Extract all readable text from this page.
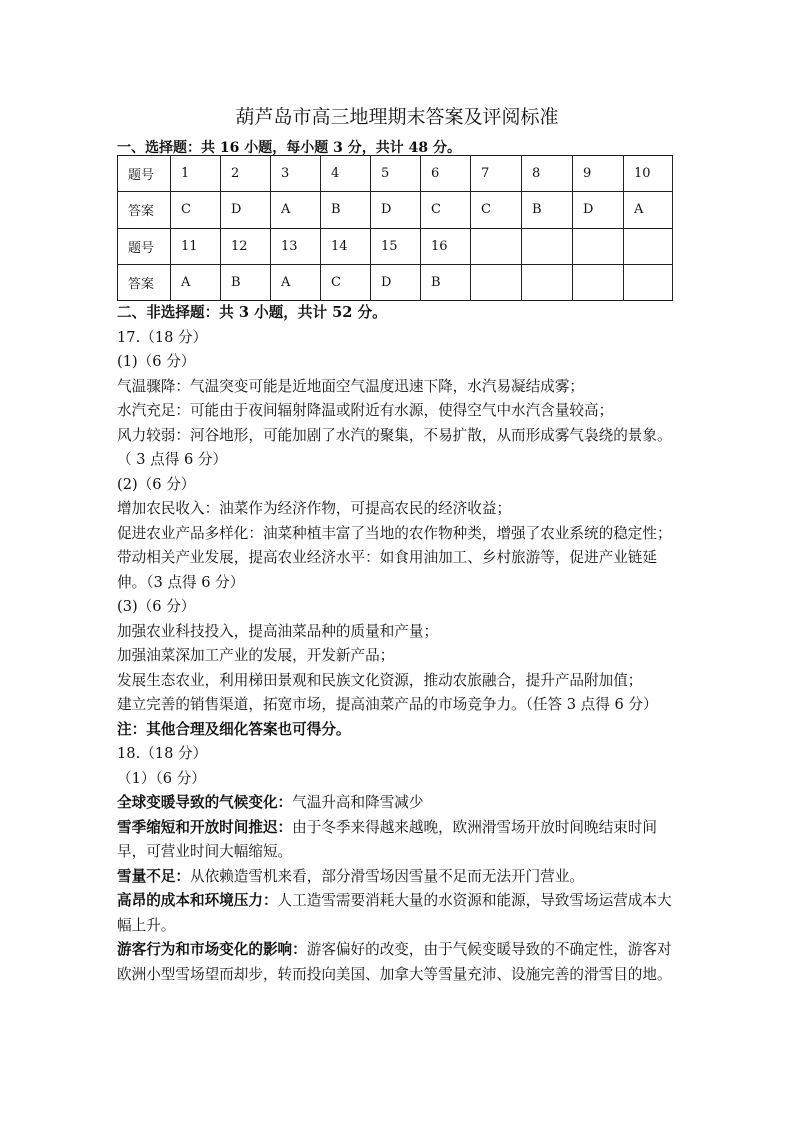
葫芦岛市高三地理期末答案及评阅标准
一、选择题：共 16 小题，每小题 3 分，共计 48 分。
题号	1	2	3	4	5	6	7	8	9	10
答案	C	D	A	B	D	C	C	B	D	A
题号	11	12	13	14	15	16				
答案	A	B	A	C	D	B				

二、非选择题：共 3 小题，共计 52 分。

17.（18 分）

(1)（6 分）

气温骤降：气温突变可能是近地面空气温度迅速下降，水汽易凝结成雾；

水汽充足：可能由于夜间辐射降温或附近有水源，使得空气中水汽含量较高；

风力较弱：河谷地形，可能加剧了水汽的聚集，不易扩散，从而形成雾气袅绕的景象。（ 3 点得 6 分）

(2)（6 分）

增加农民收入：油菜作为经济作物，可提高农民的经济收益；

促进农业产品多样化：油菜种植丰富了当地的农作物种类，增强了农业系统的稳定性；

带动相关产业发展，提高农业经济水平：如食用油加工、乡村旅游等，促进产业链延伸。（3 点得 6 分）

(3)（6 分）

加强农业科技投入，提高油菜品种的质量和产量；

加强油菜深加工产业的发展，开发新产品；

发展生态农业，利用梯田景观和民族文化资源，推动农旅融合，提升产品附加值；

建立完善的销售渠道，拓宽市场，提高油菜产品的市场竞争力。（任答 3 点得 6 分）

注：其他合理及细化答案也可得分。

18.（18 分）

（1）（6 分）

全球变暖导致的气候变化：气温升高和降雪减少

雪季缩短和开放时间推迟：由于冬季来得越来越晚，欧洲滑雪场开放时间晚结束时间早，可营业时间大幅缩短。

雪量不足：从依赖造雪机来看，部分滑雪场因雪量不足而无法开门营业。

高昂的成本和环境压力：人工造雪需要消耗大量的水资源和能源，导致雪场运营成本大幅上升。

游客行为和市场变化的影响：游客偏好的改变，由于气候变暖导致的不确定性，游客对欧洲小型雪场望而却步，转而投向美国、加拿大等雪量充沛、设施完善的滑雪目的地。
